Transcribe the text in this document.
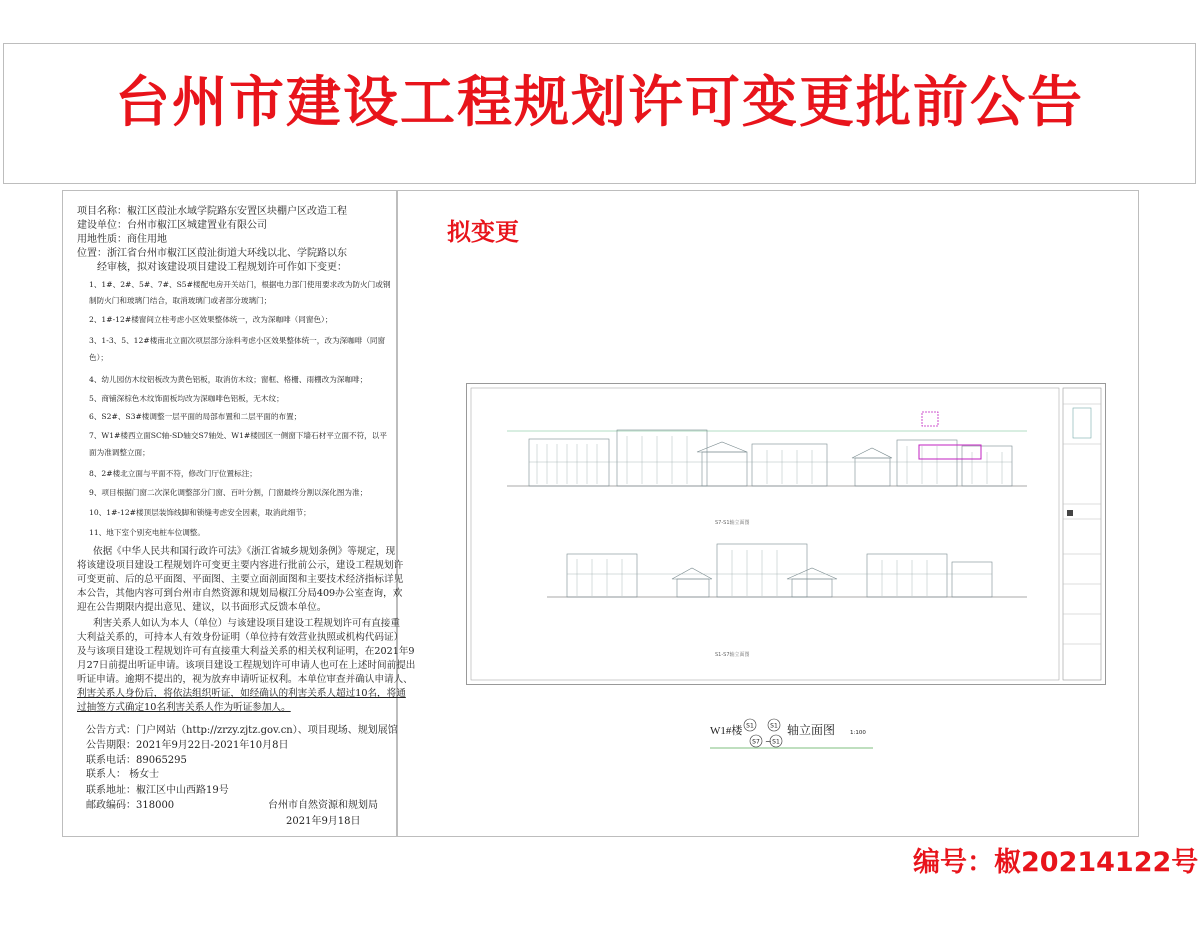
台州市建设工程规划许可变更批前公告
项目名称：椒江区葭沚水域学院路东安置区块棚户区改造工程
建设单位：台州市椒江区城建置业有限公司
用地性质：商住用地
位置：浙江省台州市椒江区葭沚街道大环线以北、学院路以东
经审核，拟对该建设项目建设工程规划许可作如下变更：
1、1#、2#、5#、7#、S5#楼配电房开关站门，根据电力部门使用要求改为防火门或钢
制防火门和玻璃门结合，取消玻璃门或者部分玻璃门；
2、1#-12#楼窗间立柱考虑小区效果整体统一，改为深咖啡（同窗色）；
3、1-3、5、12#楼南北立面次项层部分涂料考虑小区效果整体统一，改为深咖啡（同窗
色）；
4、幼儿园仿木纹铝板改为黄色铝板，取消仿木纹；窗框、格栅、雨棚改为深咖啡；
5、商铺深棕色木纹饰面板均改为深咖啡色铝板，无木纹；
6、S2#、S3#楼调整一层平面的局部布置和二层平面的布置；
7、W1#楼西立面SC轴-SD轴交S7轴处、W1#楼园区一侧窗下墙石材平立面不符，以平
面为准调整立面；
8、2#楼北立面与平面不符，修改门厅位置标注；
9、项目根据门窗二次深化调整部分门窗、百叶分割，门窗最终分割以深化图为准；
10、1#-12#楼顶层装饰线脚和锁缝考虑安全因素，取消此细节；
11、地下室个别充电桩车位调整。
依据《中华人民共和国行政许可法》《浙江省城乡规划条例》等规定，现
将该建设项目建设工程规划许可变更主要内容进行批前公示，建设工程规划许
可变更前、后的总平面图、平面图、主要立面剖面图和主要技术经济指标详见
本公告，其他内容可到台州市自然资源和规划局椒江分局409办公室查询，欢
迎在公告期限内提出意见、建议，以书面形式反馈本单位。
利害关系人如认为本人（单位）与该建设项目建设工程规划许可有直接重
大利益关系的，可持本人有效身份证明（单位持有效营业执照或机构代码证）
及与该项目建设工程规划许可有直接重大利益关系的相关权利证明，在2021年9
月27日前提出听证申请。该项目建设工程规划许可申请人也可在上述时间前提出
听证申请。逾期不提出的，视为放弃申请听证权利。本单位审查并确认申请人、
利害关系人身份后，将依法组织听证，如经确认的利害关系人超过10名，将通
过抽签方式确定10名利害关系人作为听证参加人。
公告方式：门户网站（http://zrzy.zjtz.gov.cn）、项目现场、规划展馆
公告期限：2021年9月22日-2021年10月8日
联系电话：89065295
联系人： 杨女士
联系地址：椒江区中山西路19号
邮政编码：318000	台州市自然资源和规划局
2021年9月18日
拟变更
S7-S1轴立面图
S1-S7轴立面图
W1#楼 S1	S1
S7 ~ S1
轴立面图	1:100
编号：椒20214122号
